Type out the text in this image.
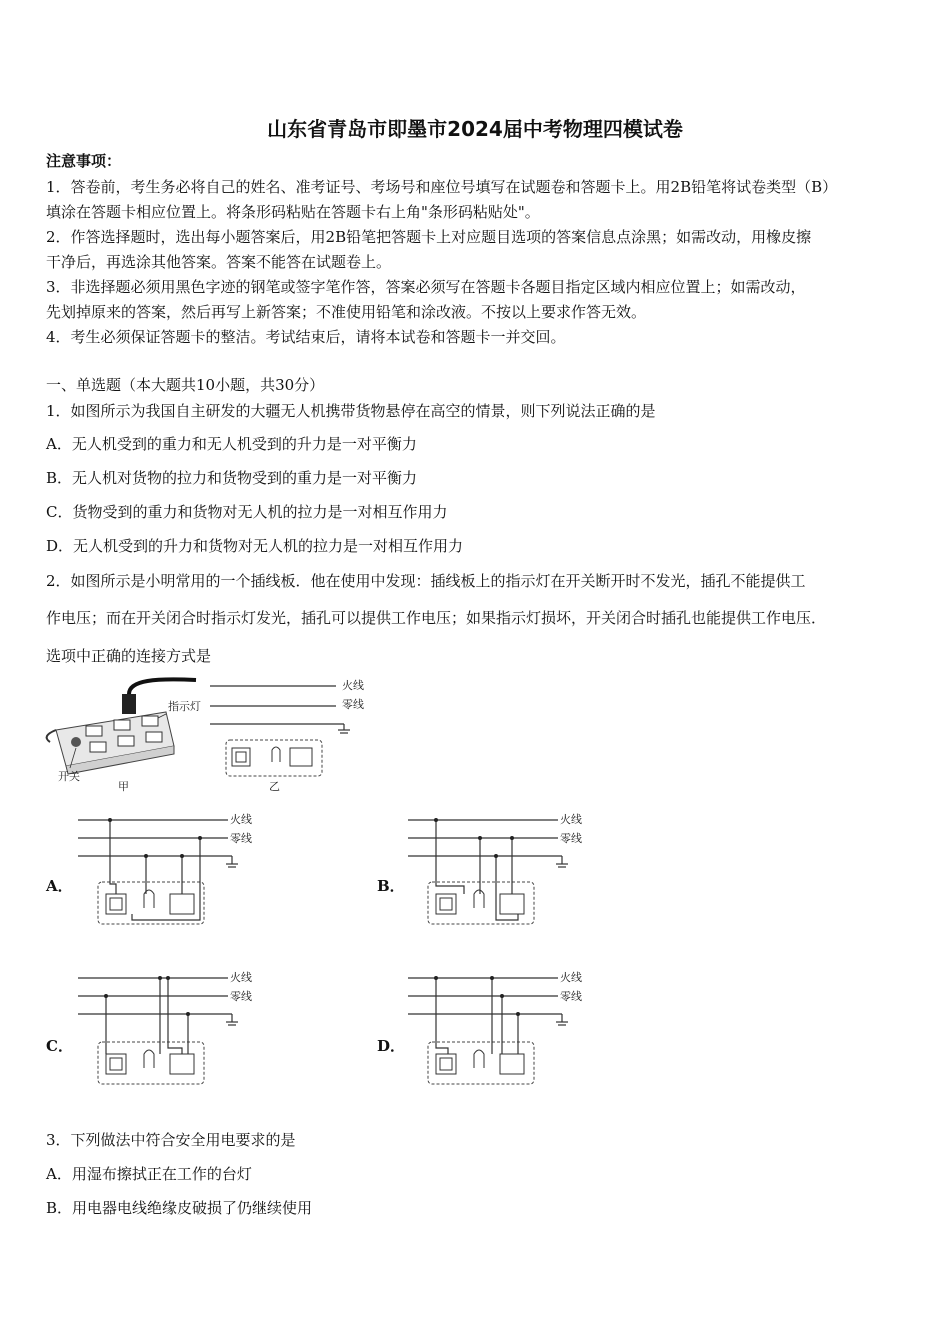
山东省青岛市即墨市2024届中考物理四模试卷
注意事项：
1．答卷前，考生务必将自己的姓名、准考证号、考场号和座位号填写在试题卷和答题卡上。用2B铅笔将试卷类型（B）
填涂在答题卡相应位置上。将条形码粘贴在答题卡右上角"条形码粘贴处"。
2．作答选择题时，选出每小题答案后，用2B铅笔把答题卡上对应题目选项的答案信息点涂黑；如需改动，用橡皮擦
干净后，再选涂其他答案。答案不能答在试题卷上。
3．非选择题必须用黑色字迹的钢笔或签字笔作答，答案必须写在答题卡各题目指定区域内相应位置上；如需改动，
先划掉原来的答案，然后再写上新答案；不准使用铅笔和涂改液。不按以上要求作答无效。
4．考生必须保证答题卡的整洁。考试结束后，请将本试卷和答题卡一并交回。
一、单选题（本大题共10小题，共30分）
1．如图所示为我国自主研发的大疆无人机携带货物悬停在高空的情景，则下列说法正确的是
A．无人机受到的重力和无人机受到的升力是一对平衡力
B．无人机对货物的拉力和货物受到的重力是一对平衡力
C．货物受到的重力和货物对无人机的拉力是一对相互作用力
D．无人机受到的升力和货物对无人机的拉力是一对相互作用力
2．如图所示是小明常用的一个插线板．他在使用中发现：插线板上的指示灯在开关断开时不发光，插孔不能提供工
作电压；而在开关闭合时指示灯发光，插孔可以提供工作电压；如果指示灯损坏，开关闭合时插孔也能提供工作电压．
选项中正确的连接方式是
指示灯
开关
甲
火线
零线
乙
A．
火线
零线
B．
火线
零线
C．
火线
零线
D．
火线
零线
3．下列做法中符合安全用电要求的是
A．用湿布擦拭正在工作的台灯
B．用电器电线绝缘皮破损了仍继续使用
